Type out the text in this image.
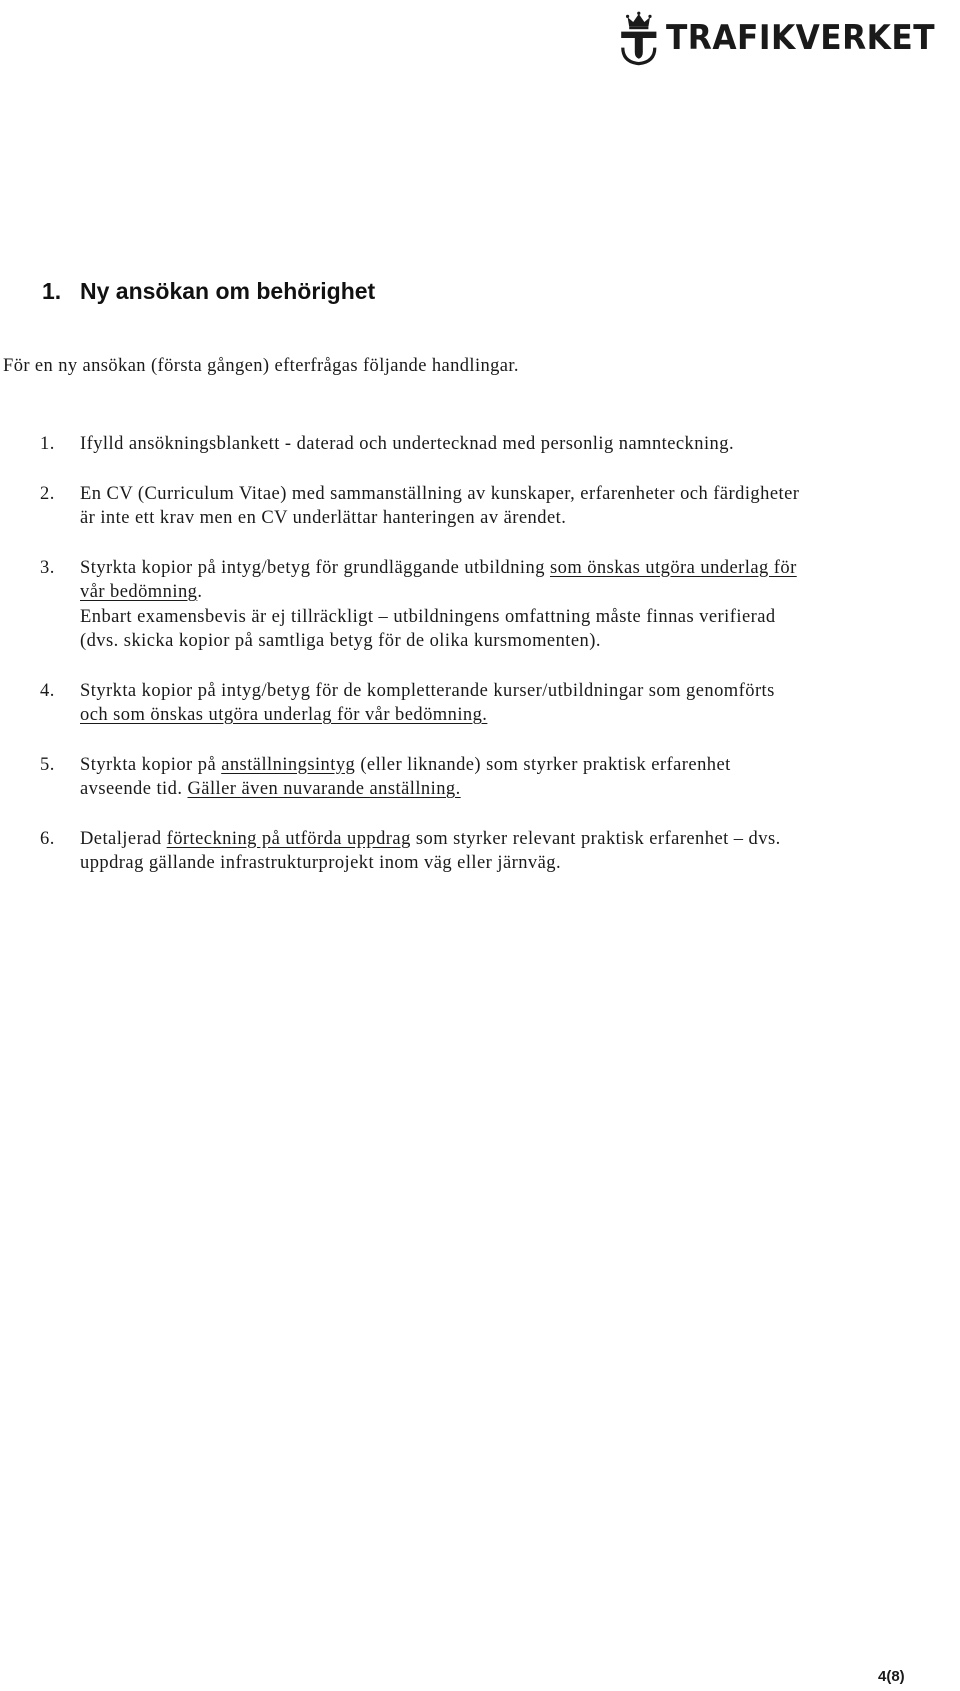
TRAFIKVERKET
1. Ny ansökan om behörighet
För en ny ansökan (första gången) efterfrågas följande handlingar.
1.	Ifylld ansökningsblankett - daterad och undertecknad med personlig namnteckning.
2.	En CV (Curriculum Vitae) med sammanställning av kunskaper, erfarenheter och färdigheter är inte ett krav men en CV underlättar hanteringen av ärendet.
3.	Styrkta kopior på intyg/betyg för grundläggande utbildning som önskas utgöra underlag för vår bedömning.
Enbart examensbevis är ej tillräckligt – utbildningens omfattning måste finnas verifierad (dvs. skicka kopior på samtliga betyg för de olika kursmomenten).
4.	Styrkta kopior på intyg/betyg för de kompletterande kurser/utbildningar som genomförts och som önskas utgöra underlag för vår bedömning.
5.	Styrkta kopior på anställningsintyg (eller liknande) som styrker praktisk erfarenhet avseende tid. Gäller även nuvarande anställning.
6.	Detaljerad förteckning på utförda uppdrag som styrker relevant praktisk erfarenhet – dvs. uppdrag gällande infrastrukturprojekt inom väg eller järnväg.
4(8)
